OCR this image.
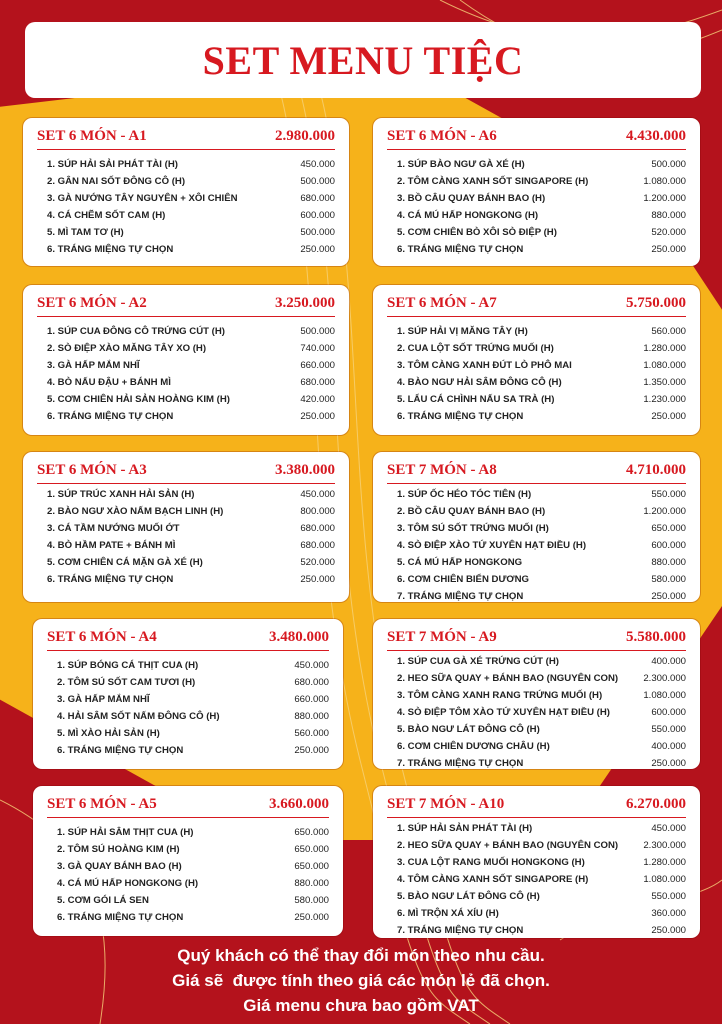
SET MENU TIỆC
SET 6 MÓN - A1	2.980.000
1. SÚP HẢI SẢI PHÁT TÀI (H)	450.000
2. GÂN NAI SỐT ĐÔNG CÔ (H)	500.000
3. GÀ NƯỚNG TÂY NGUYÊN + XÔI CHIÊN	680.000
4. CÁ CHẼM SỐT CAM (H)	600.000
5. MÌ TAM TƠ (H)	500.000
6. TRÁNG MIỆNG TỰ CHỌN	250.000
SET 6 MÓN - A6	4.430.000
1. SÚP BÀO NGƯ GÀ XÉ (H)	500.000
2. TÔM CÀNG XANH SỐT SINGAPORE (H)	1.080.000
3. BỒ CÂU QUAY BÁNH BAO (H)	1.200.000
4. CÁ MÚ HẤP HONGKONG (H)	880.000
5. CƠM CHIÊN BÒ XÔI SÒ ĐIỆP (H)	520.000
6. TRÁNG MIỆNG TỰ CHỌN	250.000
SET 6 MÓN - A2	3.250.000
1. SÚP CUA ĐÔNG CÔ TRỨNG CÚT (H)	500.000
2. SÒ ĐIỆP XÀO MĂNG TÂY XO (H)	740.000
3. GÀ HẤP MẮM NHĨ	660.000
4. BÒ NẤU ĐẬU + BÁNH MÌ	680.000
5. CƠM CHIÊN HẢI SẢN HOÀNG KIM (H)	420.000
6. TRÁNG MIỆNG TỰ CHỌN	250.000
SET 6 MÓN - A7	5.750.000
1. SÚP HẢI VỊ MĂNG TÂY (H)	560.000
2. CUA LỘT SỐT TRỨNG MUỐI (H)	1.280.000
3. TÔM CÀNG XANH ĐÚT LÒ PHÔ MAI	1.080.000
4. BÀO NGƯ HẢI SÂM ĐÔNG CÔ (H)	1.350.000
5. LẨU CÁ CHÌNH NẤU SA TRÀ (H)	1.230.000
6. TRÁNG MIỆNG TỰ CHỌN	250.000
SET 6 MÓN - A3	3.380.000
1. SÚP TRÚC XANH HẢI SẢN (H)	450.000
2. BÀO NGƯ XÀO NẤM BẠCH LINH (H)	800.000
3. CÁ TẦM NƯỚNG MUỐI ỚT	680.000
4. BÒ HẦM PATE + BÁNH MÌ	680.000
5. CƠM CHIÊN CÁ MẶN GÀ XÉ (H)	520.000
6. TRÁNG MIỆNG TỰ CHỌN	250.000
SET 7 MÓN - A8	4.710.000
1. SÚP ỐC HÉO TÓC TIÊN (H)	550.000
2. BỒ CÂU QUAY BÁNH BAO (H)	1.200.000
3. TÔM SÚ SỐT TRỨNG MUỐI (H)	650.000
4. SÒ ĐIỆP XÀO TỨ XUYÊN HẠT ĐIỀU (H)	600.000
5. CÁ MÚ HẤP HONGKONG	880.000
6. CƠM CHIÊN BIỂN DƯƠNG	580.000
7. TRÁNG MIỆNG TỰ CHỌN	250.000
SET 6 MÓN - A4	3.480.000
1. SÚP BÓNG CÁ THỊT CUA (H)	450.000
2. TÔM SÚ SỐT CAM TƯƠI (H)	680.000
3. GÀ HẤP MẮM NHĨ	660.000
4. HẢI SÂM SỐT NẤM ĐÔNG CÔ (H)	880.000
5. MÌ XÀO HẢI SẢN (H)	560.000
6. TRÁNG MIỆNG TỰ CHỌN	250.000
SET 7 MÓN - A9	5.580.000
1. SÚP CUA GÀ XÉ TRỨNG CÚT (H)	400.000
2. HEO SỮA QUAY + BÁNH BAO (NGUYÊN CON)	2.300.000
3. TÔM CÀNG XANH RANG TRỨNG MUỐI (H)	1.080.000
4. SÒ ĐIỆP TÔM XÀO TỨ XUYÊN HẠT ĐIỀU (H)	600.000
5. BÀO NGƯ LÁT ĐÔNG CÔ (H)	550.000
6. CƠM CHIÊN DƯƠNG CHÂU (H)	400.000
7. TRÁNG MIỆNG TỰ CHỌN	250.000
SET 6 MÓN - A5	3.660.000
1. SÚP HẢI SÂM THỊT CUA (H)	650.000
2. TÔM SÚ HOÀNG KIM (H)	650.000
3. GÀ QUAY BÁNH BAO (H)	650.000
4. CÁ MÚ HẤP HONGKONG (H)	880.000
5. CƠM GÓI LÁ SEN	580.000
6. TRÁNG MIỆNG TỰ CHỌN	250.000
SET 7 MÓN - A10	6.270.000
1. SÚP HẢI SẢN PHÁT TÀI (H)	450.000
2. HEO SỮA QUAY + BÁNH BAO (NGUYÊN CON)	2.300.000
3. CUA LỘT RANG MUỐI HONGKONG (H)	1.280.000
4. TÔM CÀNG XANH SỐT SINGAPORE (H)	1.080.000
5. BÀO NGƯ LÁT ĐÔNG CÔ (H)	550.000
6. MÌ TRỘN XÁ XÍU (H)	360.000
7. TRÁNG MIỆNG TỰ CHỌN	250.000
Quý khách có thể thay đổi món theo nhu cầu.
Giá sẽ  được tính theo giá các món lẻ đã chọn.
Giá menu chưa bao gồm VAT
